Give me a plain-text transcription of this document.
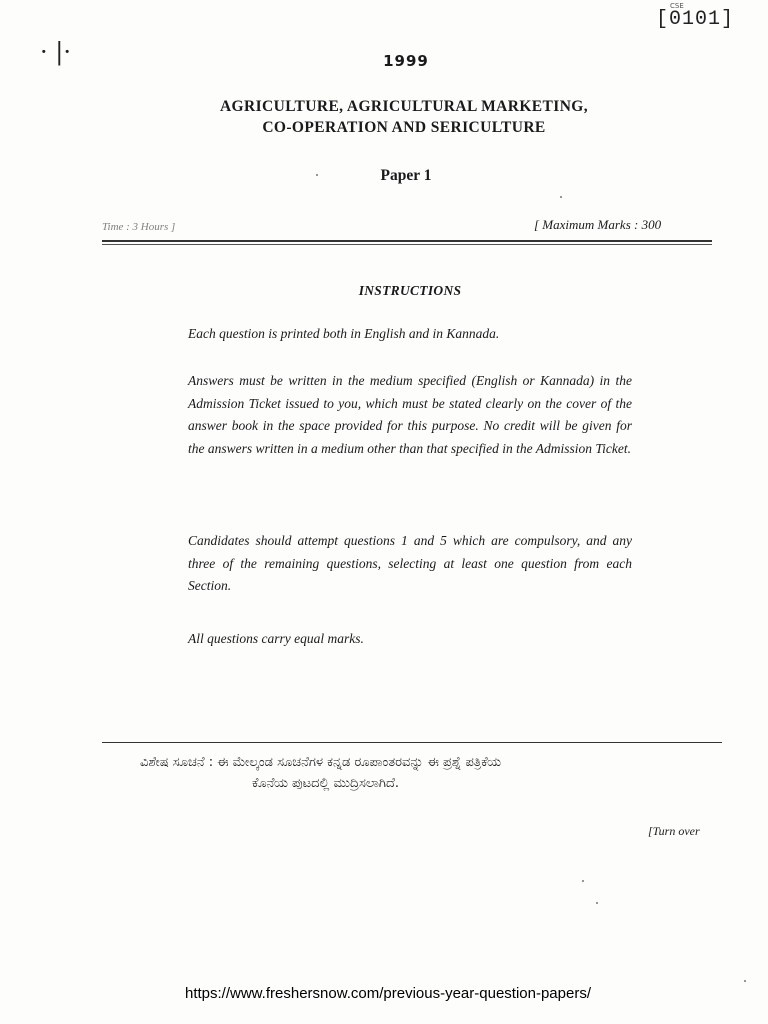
CSE
[0101]
· |·	1999
AGRICULTURE, AGRICULTURAL MARKETING,
CO-OPERATION AND SERICULTURE
Paper 1
Time : 3 Hours ]	[ Maximum Marks : 300
INSTRUCTIONS
Each question is printed both in English and in Kannada.
Answers must be written in the medium specified (English or Kannada) in the Admission Ticket issued to you, which must be stated clearly on the cover of the answer book in the space provided for this purpose. No credit will be given for the answers written in a medium other than that specified in the Admission Ticket.
Candidates should attempt questions 1 and 5 which are compulsory, and any three of the remaining questions, selecting at least one question from each Section.
All questions carry equal marks.
ವಿಶೇಷ ಸೂಚನೆ : ಈ ಮೇಲ್ಕಂಡ ಸೂಚನೆಗಳ ಕನ್ನಡ ರೂಪಾಂತರವನ್ನು ಈ ಪ್ರಶ್ನೆ ಪತ್ರಿಕೆಯ
ಕೊನೆಯ ಪುಟದಲ್ಲಿ ಮುದ್ರಿಸಲಾಗಿದೆ.
[Turn over
https://www.freshersnow.com/previous-year-question-papers/
